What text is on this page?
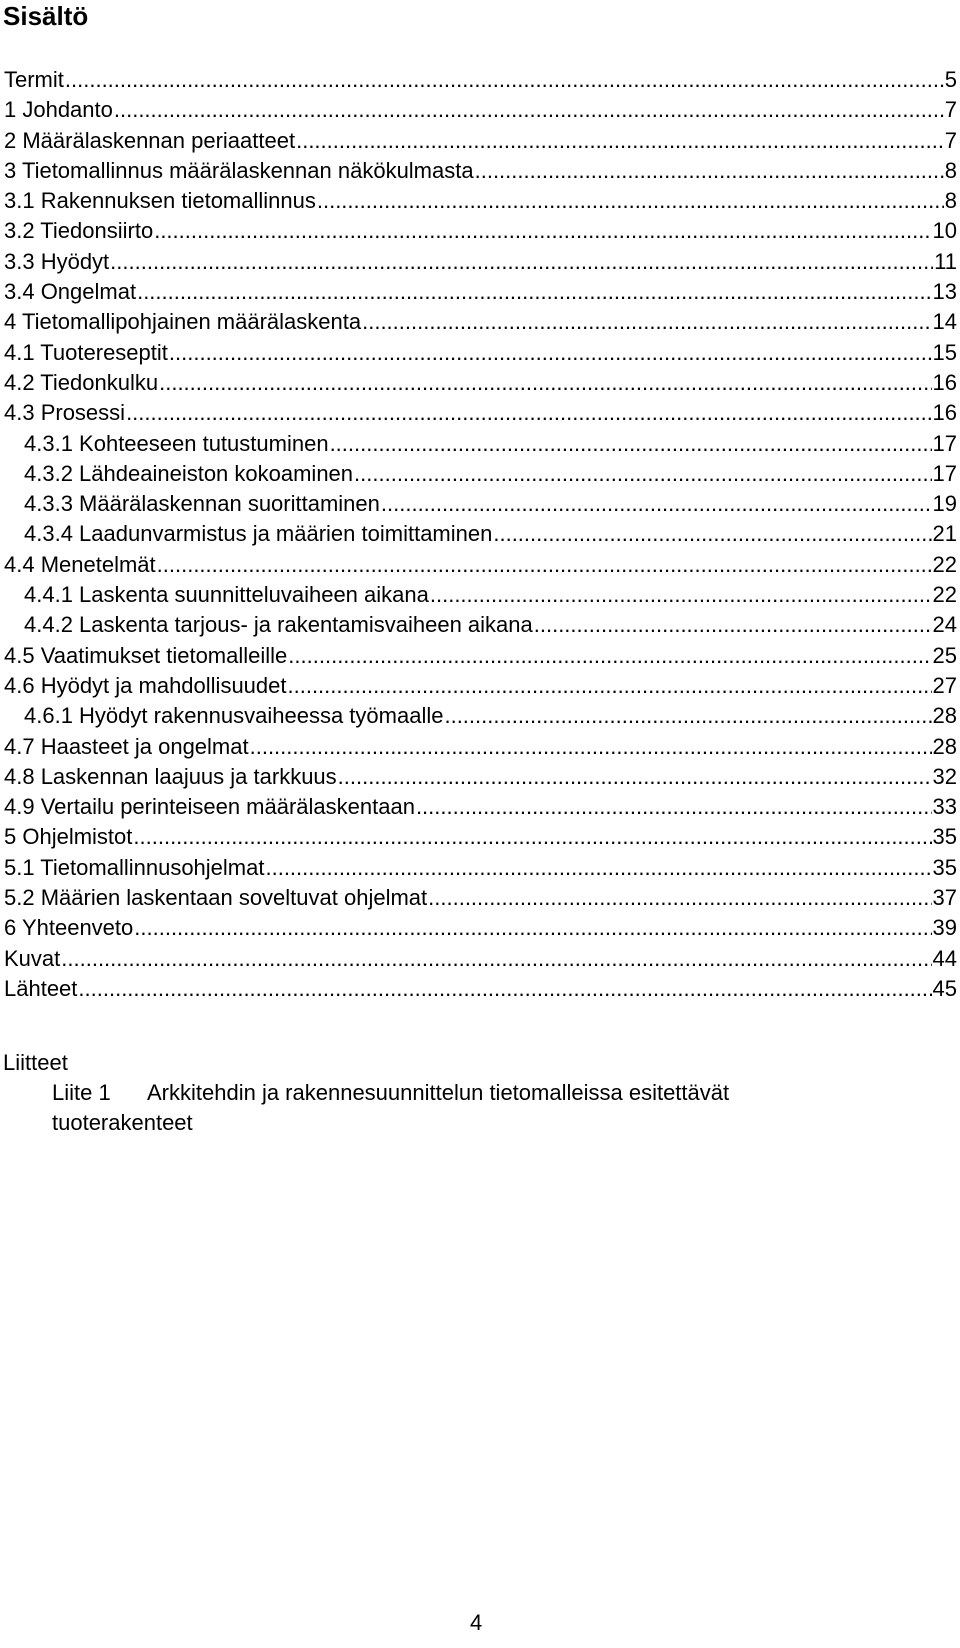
Sisältö
Termit .....	5
1 Johdanto .....	7
2 Määrälaskennan periaatteet .....	7
3 Tietomallinnus määrälaskennan näkökulmasta .....	8
3.1 Rakennuksen tietomallinnus .....	8
3.2 Tiedonsiirto .....	10
3.3 Hyödyt .....	11
3.4 Ongelmat .....	13
4 Tietomallipohjainen määrälaskenta .....	14
4.1 Tuotereseptit .....	15
4.2 Tiedonkulku .....	16
4.3 Prosessi .....	16
4.3.1 Kohteeseen tutustuminen .....	17
4.3.2 Lähdeaineiston kokoaminen .....	17
4.3.3 Määrälaskennan suorittaminen .....	19
4.3.4 Laadunvarmistus ja määrien toimittaminen .....	21
4.4 Menetelmät .....	22
4.4.1 Laskenta suunnitteluvaiheen aikana .....	22
4.4.2 Laskenta tarjous- ja rakentamisvaiheen aikana .....	24
4.5 Vaatimukset tietomalleille .....	25
4.6 Hyödyt ja mahdollisuudet .....	27
4.6.1 Hyödyt rakennusvaiheessa työmaalle .....	28
4.7 Haasteet ja ongelmat .....	28
4.8 Laskennan laajuus ja tarkkuus .....	32
4.9 Vertailu perinteiseen määrälaskentaan .....	33
5 Ohjelmistot .....	35
5.1 Tietomallinnusohjelmat .....	35
5.2 Määrien laskentaan soveltuvat ohjelmat .....	37
6 Yhteenveto .....	39
Kuvat .....	44
Lähteet .....	45
Liitteet
Liite 1 Arkkitehdin ja rakennesuunnittelun tietomalleissa esitettävät
tuoterakenteet
4
